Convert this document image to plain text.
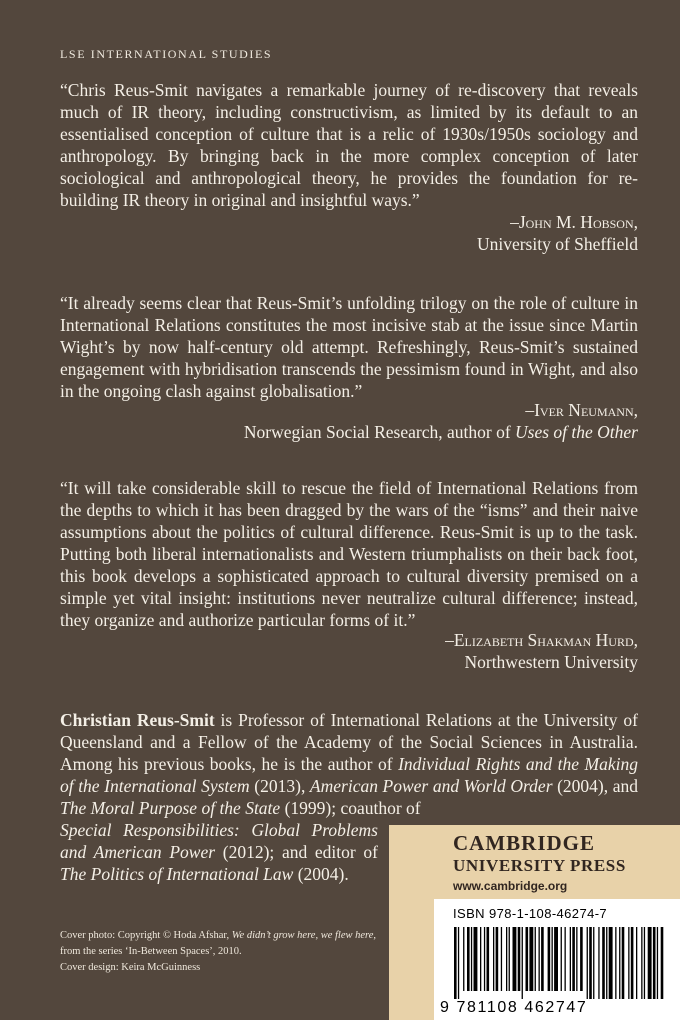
LSE INTERNATIONAL STUDIES
“Chris Reus-Smit navigates a remarkable journey of re-discovery that reveals much of IR theory, including constructivism, as limited by its default to an essentialised conception of culture that is a relic of 1930s/1950s sociology and anthropology. By bringing back in the more complex conception of later sociological and anthropological theory, he provides the foundation for re-building IR theory in original and insightful ways.”
–John M. Hobson,
University of Sheffield
“It already seems clear that Reus-Smit’s unfolding trilogy on the role of culture in International Relations constitutes the most incisive stab at the issue since Martin Wight’s by now half-century old attempt. Refreshingly, Reus-Smit’s sustained engagement with hybridisation transcends the pessimism found in Wight, and also in the ongoing clash against globalisation.”
–Iver Neumann,
Norwegian Social Research, author of Uses of the Other
“It will take considerable skill to rescue the field of International Relations from the depths to which it has been dragged by the wars of the “isms” and their naive assumptions about the politics of cultural difference. Reus-Smit is up to the task. Putting both liberal internationalists and Western triumphalists on their back foot, this book develops a sophisticated approach to cultural diversity premised on a simple yet vital insight: institutions never neutralize cultural difference; instead, they organize and authorize particular forms of it.”
–Elizabeth Shakman Hurd,
Northwestern University
Christian Reus-Smit is Professor of International Relations at the University of Queensland and a Fellow of the Academy of the Social Sciences in Australia. Among his previous books, he is the author of Individual Rights and the Making of the International System (2013), American Power and World Order (2004), and The Moral Purpose of the State (1999); coauthor of
Special Responsibilities: Global Problems and American Power (2012); and editor of The Politics of International Law (2004).
Cover photo: Copyright © Hoda Afshar, We didn’t grow here, we flew here, from the series ‘In-Between Spaces’, 2010.
Cover design: Keira McGuinness
CAMBRIDGE
UNIVERSITY PRESS
www.cambridge.org
ISBN 978-1-108-46274-7
9 781108 462747
